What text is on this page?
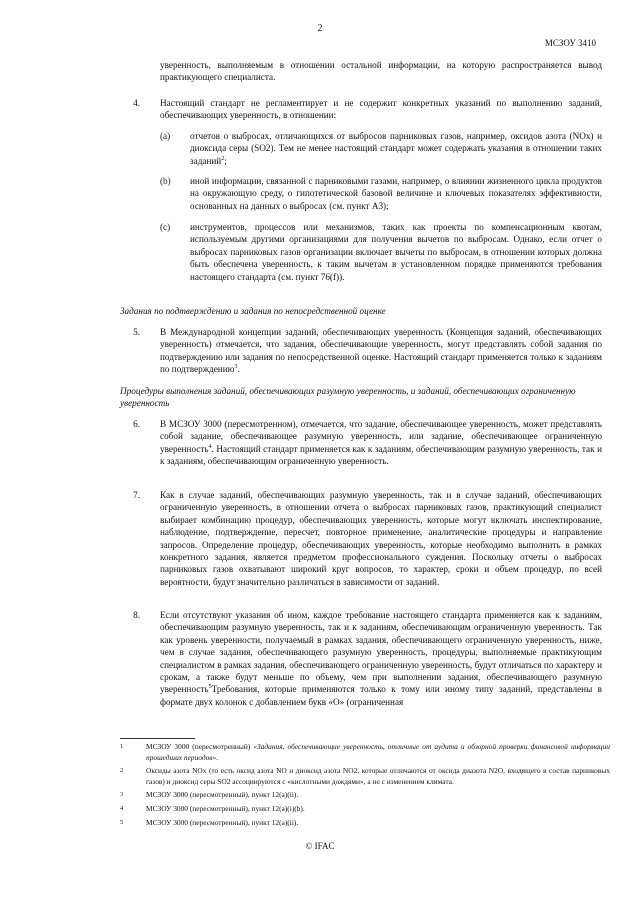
2
МСЗОУ 3410

уверенность, выполняемым в отношении остальной информации, на которую распространяется вывод практикующего специалиста.

4. Настоящий стандарт не регламентирует и не содержит конкретных указаний по выполнению заданий, обеспечивающих уверенность, в отношении:

(a) отчетов о выбросах, отличающихся от выбросов парниковых газов, например, оксидов азота (NOx) и диоксида серы (SO2). Тем не менее настоящий стандарт может содержать указания в отношении таких заданий$^2$;

(b) иной информации, связанной с парниковыми газами, например, о влиянии жизненного цикла продуктов на окружающую среду, о гипотетической базовой величине и ключевых показателях эффективности, основанных на данных о выбросах (см. пункт А3);

(c) инструментов, процессов или механизмов, таких как проекты по компенсационным квотам, используемым другими организациями для получения вычетов по выбросам. Однако, если отчет о выбросах парниковых газов организации включает вычеты по выбросам, в отношении которых должна быть обеспечена уверенность, к таким вычетам в установленном порядке применяются требования настоящего стандарта (см. пункт 76(f)).

Задания по подтверждению и задания по непосредственной оценке
5. В Международной концепции заданий, обеспечивающих уверенность (Концепция заданий, обеспечивающих уверенность) отмечается, что задания, обеспечивающие уверенность, могут представлять собой задания по подтверждению или задания по непосредственной оценке. Настоящий стандарт применяется только к заданиям по подтверждению$^3$.

Процедуры выполнения заданий, обеспечивающих разумную уверенность, и заданий, обеспечивающих ограниченную уверенность
6. В МСЗОУ 3000 (пересмотренном), отмечается, что задание, обеспечивающее уверенность, может представлять собой задание, обеспечивающее разумную уверенность, или задание, обеспечивающее ограниченную уверенность$^4$. Настоящий стандарт применяется как к заданиям, обеспечивающим разумную уверенность, так и к заданиям, обеспечивающим ограниченную уверенность.

7. Как в случае заданий, обеспечивающих разумную уверенность, так и в случае заданий, обеспечивающих ограниченную уверенность, в отношении отчета о выбросах парниковых газов, практикующий специалист выбирает комбинацию процедур, обеспечивающих уверенность, которые могут включать инспектирование, наблюдение, подтверждение, пересчет, повторное применение, аналитические процедуры и направление запросов. Определение процедур, обеспечивающих уверенность, которые необходимо выполнить в рамках конкретного задания, является предметом профессионального суждения. Поскольку отчеты о выбросах парниковых газов охватывают широкий круг вопросов, то характер, сроки и объем процедур, по всей вероятности, будут значительно различаться в зависимости от заданий.

8. Если отсутствуют указания об ином, каждое требование настоящего стандарта применяется как к заданиям, обеспечивающим разумную уверенность, так и к заданиям, обеспечивающим ограниченную уверенность. Так как уровень уверенности, получаемый в рамках задания, обеспечивающего ограниченную уверенность, ниже, чем в случае задания, обеспечивающего разумную уверенность, процедуры, выполняемые практикующим специалистом в рамках задания, обеспечивающего ограниченную уверенность, будут отличаться по характеру и срокам, а также будут меньше по объему, чем при выполнении задания, обеспечивающего разумную уверенность$^5$Требования, которые применяются только к тому или иному типу заданий, представлены в формате двух колонок с добавлением букв «О» (ограниченная

1	МСЗОУ 3000 (пересмотренный) «Задания, обеспечивающие уверенность, отличные от аудита и обзорной проверки финансовой информации прошедших периодов».
2	Оксиды азота NOx (то есть оксид азота NO и диоксид азота NO2, которые отличаются от оксида диазота N2O, входящего в состав парниковых газов) и диоксид серы SO2 ассоциируются с «кислотными дождями», а не с изменением климата.
3	МСЗОУ 3000 (пересмотренный), пункт 12(a)(ii).
4	МСЗОУ 3000 (пересмотренный), пункт 12(a)(i)(b).
5	МСЗОУ 3000 (пересмотренный), пункт 12(a)(ii).
© IFAC
